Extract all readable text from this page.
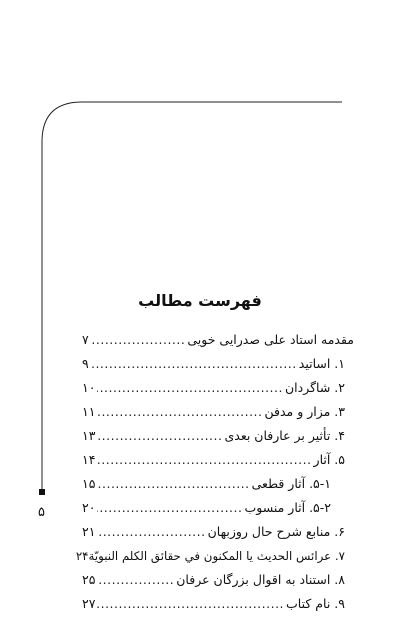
۵
فهرست مطالب
مقدمه استاد علی صدرایی خویی
.....
۷
۱. اساتید
.....
۹
۲. شاگردان
.....
۱۰
۳. مزار و مدفن
.....
۱۱
۴. تأثیر بر عارفان بعدی
.....
۱۳
۵. آثار
.....
۱۴
۵-۱. آثار قطعی
.....
۱۵
۵-۲. آثار منسوب
.....
۲۰
۶. منابع شرح حال روزبهان
.....
۲۱
۷. عرائس الحدیث یا المکنون في حقائق الکلم النبویّة
۲۴
۸. استناد به اقوال بزرگان عرفان
.....
۲۵
۹. نام کتاب
.....
۲۷
